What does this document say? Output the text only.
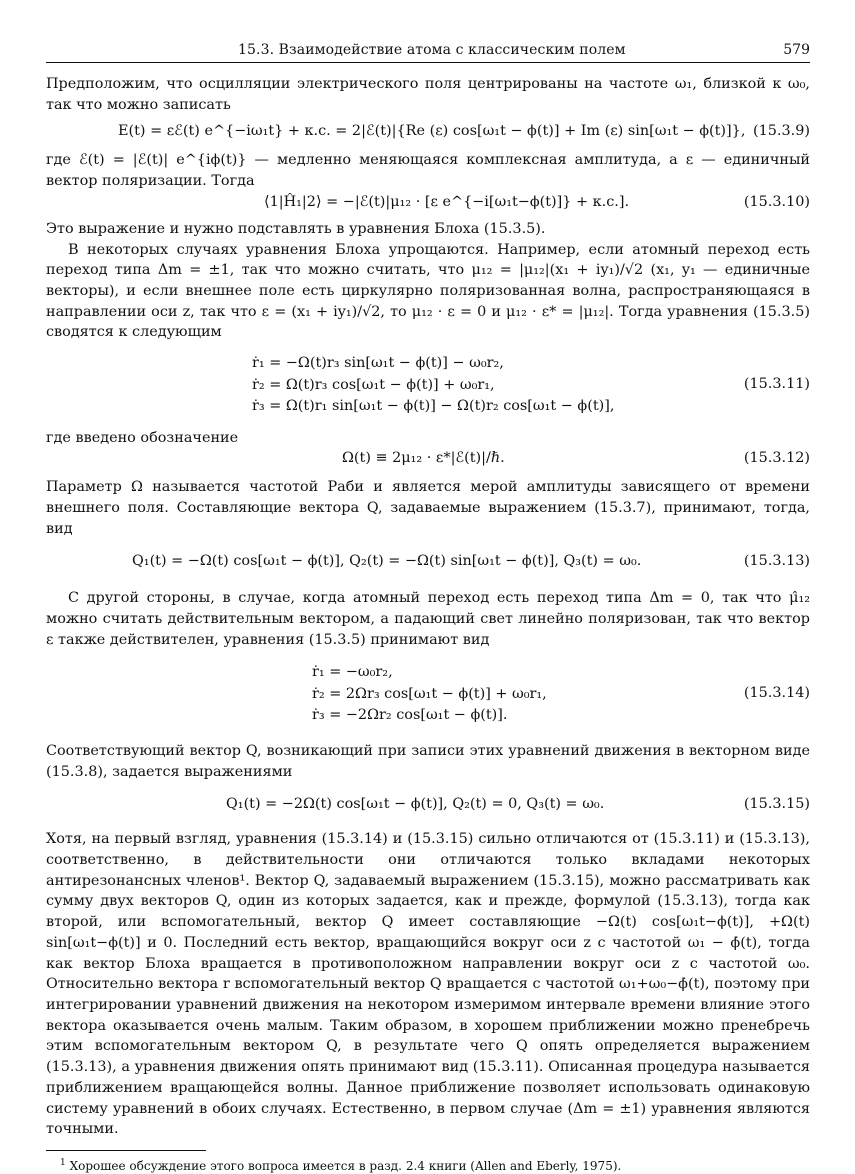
15.3. Взаимодействие атома с классическим полем	579

Предположим, что осцилляции электрического поля центрированы на частоте ω₁, близкой к ω₀, так что можно записать

E(t) = εℰ(t) e^{−iω₁t} + к.с. = 2|ℰ(t)|{Re (ε) cos[ω₁t − ϕ(t)] + Im (ε) sin[ω₁t − ϕ(t)]}, (15.3.9)

где ℰ(t) = |ℰ(t)| e^{iϕ(t)} — медленно меняющаяся комплексная амплитуда, а ε — единичный вектор поляризации. Тогда

⟨1|Ĥ₁|2⟩ = −|ℰ(t)|μ₁₂ · [ε e^{−i[ω₁t−ϕ(t)]} + к.с.].	(15.3.10)

Это выражение и нужно подставлять в уравнения Блоха (15.3.5).

В некоторых случаях уравнения Блоха упрощаются. Например, если атомный переход есть переход типа Δm = ±1, так что можно считать, что μ₁₂ = |μ₁₂|(x₁ + iy₁)/√2 (x₁, y₁ — единичные векторы), и если внешнее поле есть циркулярно поляризованная волна, распространяющаяся в направлении оси z, так что ε = (x₁ + iy₁)/√2, то μ₁₂ · ε = 0 и μ₁₂ · ε* = |μ₁₂|. Тогда уравнения (15.3.5) сводятся к следующим

ṙ₁ = −Ω(t)r₃ sin[ω₁t − ϕ(t)] − ω₀r₂,
ṙ₂ = Ω(t)r₃ cos[ω₁t − ϕ(t)] + ω₀r₁,
ṙ₃ = Ω(t)r₁ sin[ω₁t − ϕ(t)] − Ω(t)r₂ cos[ω₁t − ϕ(t)],
(15.3.11)

где введено обозначение

Ω(t) ≡ 2μ₁₂ · ε*|ℰ(t)|/ℏ.	(15.3.12)

Параметр Ω называется частотой Раби и является мерой амплитуды зависящего от времени внешнего поля. Составляющие вектора Q, задаваемые выражением (15.3.7), принимают, тогда, вид

Q₁(t) = −Ω(t) cos[ω₁t − ϕ(t)], Q₂(t) = −Ω(t) sin[ω₁t − ϕ(t)], Q₃(t) = ω₀.	(15.3.13)

С другой стороны, в случае, когда атомный переход есть переход типа Δm = 0, так что μ̂₁₂ можно считать действительным вектором, а падающий свет линейно поляризован, так что вектор ε также действителен, уравнения (15.3.5) принимают вид

ṙ₁ = −ω₀r₂,
ṙ₂ = 2Ωr₃ cos[ω₁t − ϕ(t)] + ω₀r₁,
ṙ₃ = −2Ωr₂ cos[ω₁t − ϕ(t)].
(15.3.14)

Соответствующий вектор Q, возникающий при записи этих уравнений движения в векторном виде (15.3.8), задается выражениями

Q₁(t) = −2Ω(t) cos[ω₁t − ϕ(t)], Q₂(t) = 0, Q₃(t) = ω₀.	(15.3.15)

Хотя, на первый взгляд, уравнения (15.3.14) и (15.3.15) сильно отличаются от (15.3.11) и (15.3.13), соответственно, в действительности они отличаются только вкладами некоторых антирезонансных членов¹. Вектор Q, задаваемый выражением (15.3.15), можно рассматривать как сумму двух векторов Q, один из которых задается, как и прежде, формулой (15.3.13), тогда как второй, или вспомогательный, вектор Q имеет составляющие −Ω(t) cos[ω₁t−ϕ(t)], +Ω(t) sin[ω₁t−ϕ(t)] и 0. Последний есть вектор, вращающийся вокруг оси z с частотой ω₁ − ϕ̇(t), тогда как вектор Блоха вращается в противоположном направлении вокруг оси z с частотой ω₀. Относительно вектора r вспомогательный вектор Q вращается с частотой ω₁+ω₀−ϕ̇(t), поэтому при интегрировании уравнений движения на некотором измеримом интервале времени влияние этого вектора оказывается очень малым. Таким образом, в хорошем приближении можно пренебречь этим вспомогательным вектором Q, в результате чего Q опять определяется выражением (15.3.13), а уравнения движения опять принимают вид (15.3.11). Описанная процедура называется приближением вращающейся волны. Данное приближение позволяет использовать одинаковую систему уравнений в обоих случаях. Естественно, в первом случае (Δm = ±1) уравнения являются точными.

$^1$ Хорошее обсуждение этого вопроса имеется в разд. 2.4 книги (Allen and Eberly, 1975).
